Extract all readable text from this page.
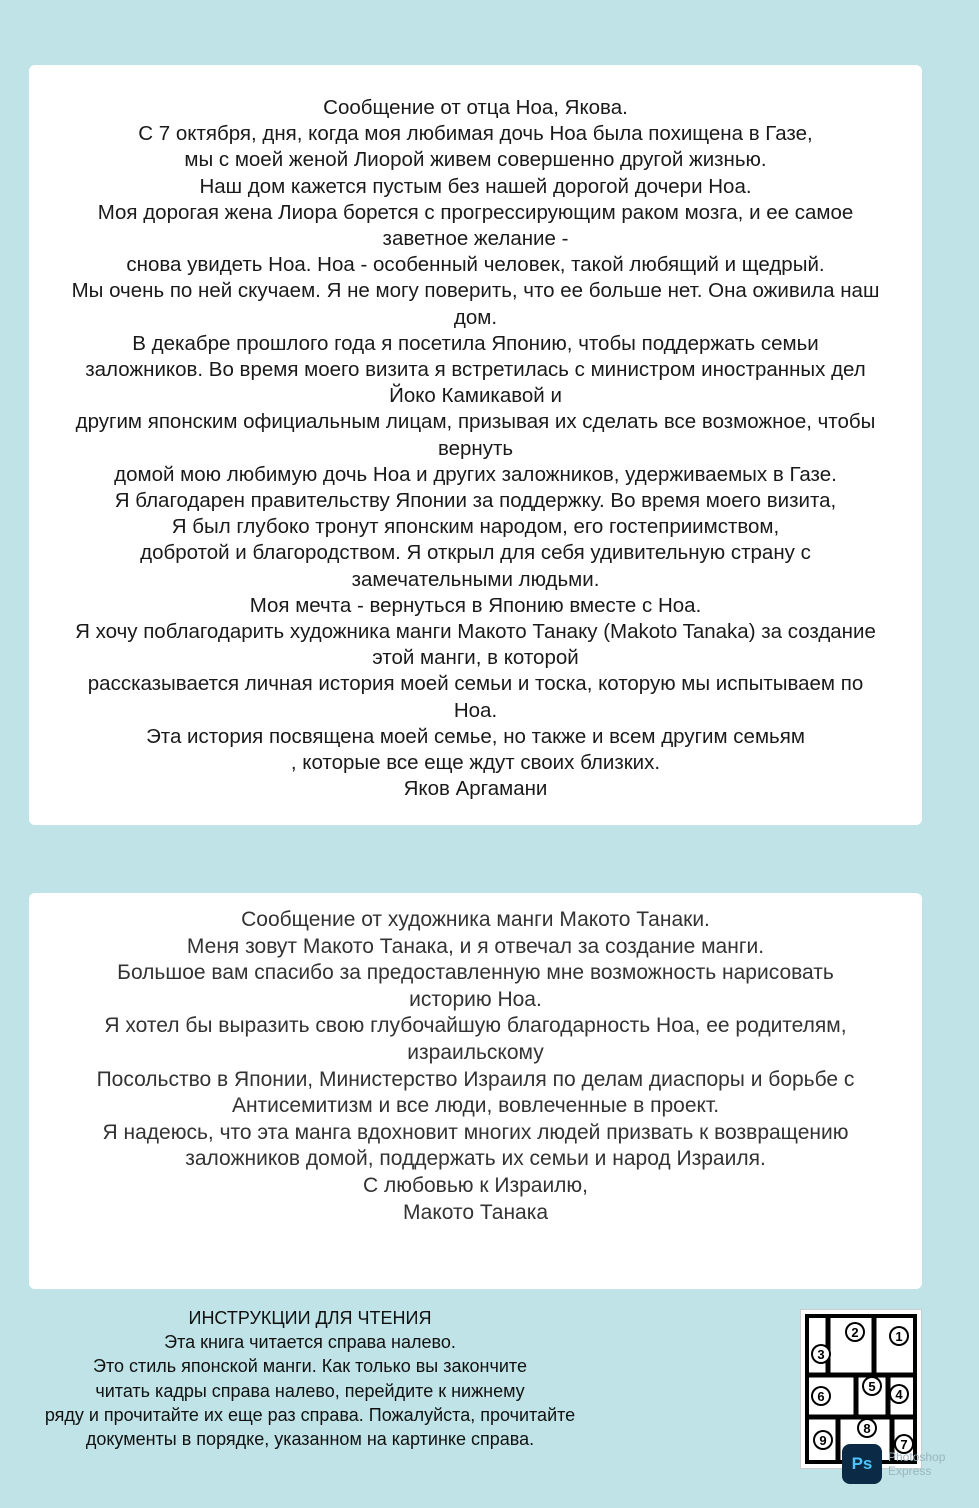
Сообщение от отца Ноа, Якова.
С 7 октября, дня, когда моя любимая дочь Ноа была похищена в Газе,
мы с моей женой Лиорой живем совершенно другой жизнью.
Наш дом кажется пустым без нашей дорогой дочери Ноа.
Моя дорогая жена Лиора борется с прогрессирующим раком мозга, и ее самое
заветное желание -
снова увидеть Ноа. Ноа - особенный человек, такой любящий и щедрый.
Мы очень по ней скучаем. Я не могу поверить, что ее больше нет. Она оживила наш
дом.
В декабре прошлого года я посетила Японию, чтобы поддержать семьи
заложников. Во время моего визита я встретилась с министром иностранных дел
Йоко Камикавой и
другим японским официальным лицам, призывая их сделать все возможное, чтобы
вернуть
домой мою любимую дочь Ноа и других заложников, удерживаемых в Газе.
Я благодарен правительству Японии за поддержку. Во время моего визита,
Я был глубоко тронут японским народом, его гостеприимством,
добротой и благородством. Я открыл для себя удивительную страну с
замечательными людьми.
Моя мечта - вернуться в Японию вместе с Ноа.
Я хочу поблагодарить художника манги Макото Танаку (Makoto Tanaka) за создание
этой манги, в которой
рассказывается личная история моей семьи и тоска, которую мы испытываем по
Ноа.
Эта история посвящена моей семье, но также и всем другим семьям
, которые все еще ждут своих близких.
Яков Аргамани
Сообщение от художника манги Макото Танаки.
Меня зовут Макото Танака, и я отвечал за создание манги.
Большое вам спасибо за предоставленную мне возможность нарисовать
историю Ноа.
Я хотел бы выразить свою глубочайшую благодарность Ноа, ее родителям,
израильскому
Посольство в Японии, Министерство Израиля по делам диаспоры и борьбе с
Антисемитизм и все люди, вовлеченные в проект.
Я надеюсь, что эта манга вдохновит многих людей призвать к возвращению
заложников домой, поддержать их семьи и народ Израиля.
С любовью к Израилю,
Макото Танака
ИНСТРУКЦИИ ДЛЯ ЧТЕНИЯ
Эта книга читается справа налево.
Это стиль японской манги. Как только вы закончите
читать кадры справа налево, перейдите к нижнему
ряду и прочитайте их еще раз справа. Пожалуйста, прочитайте
документы в порядке, указанном на картинке справа.
1
2
3
4
5
6
7
8
9
Ps	Photoshop
Express
